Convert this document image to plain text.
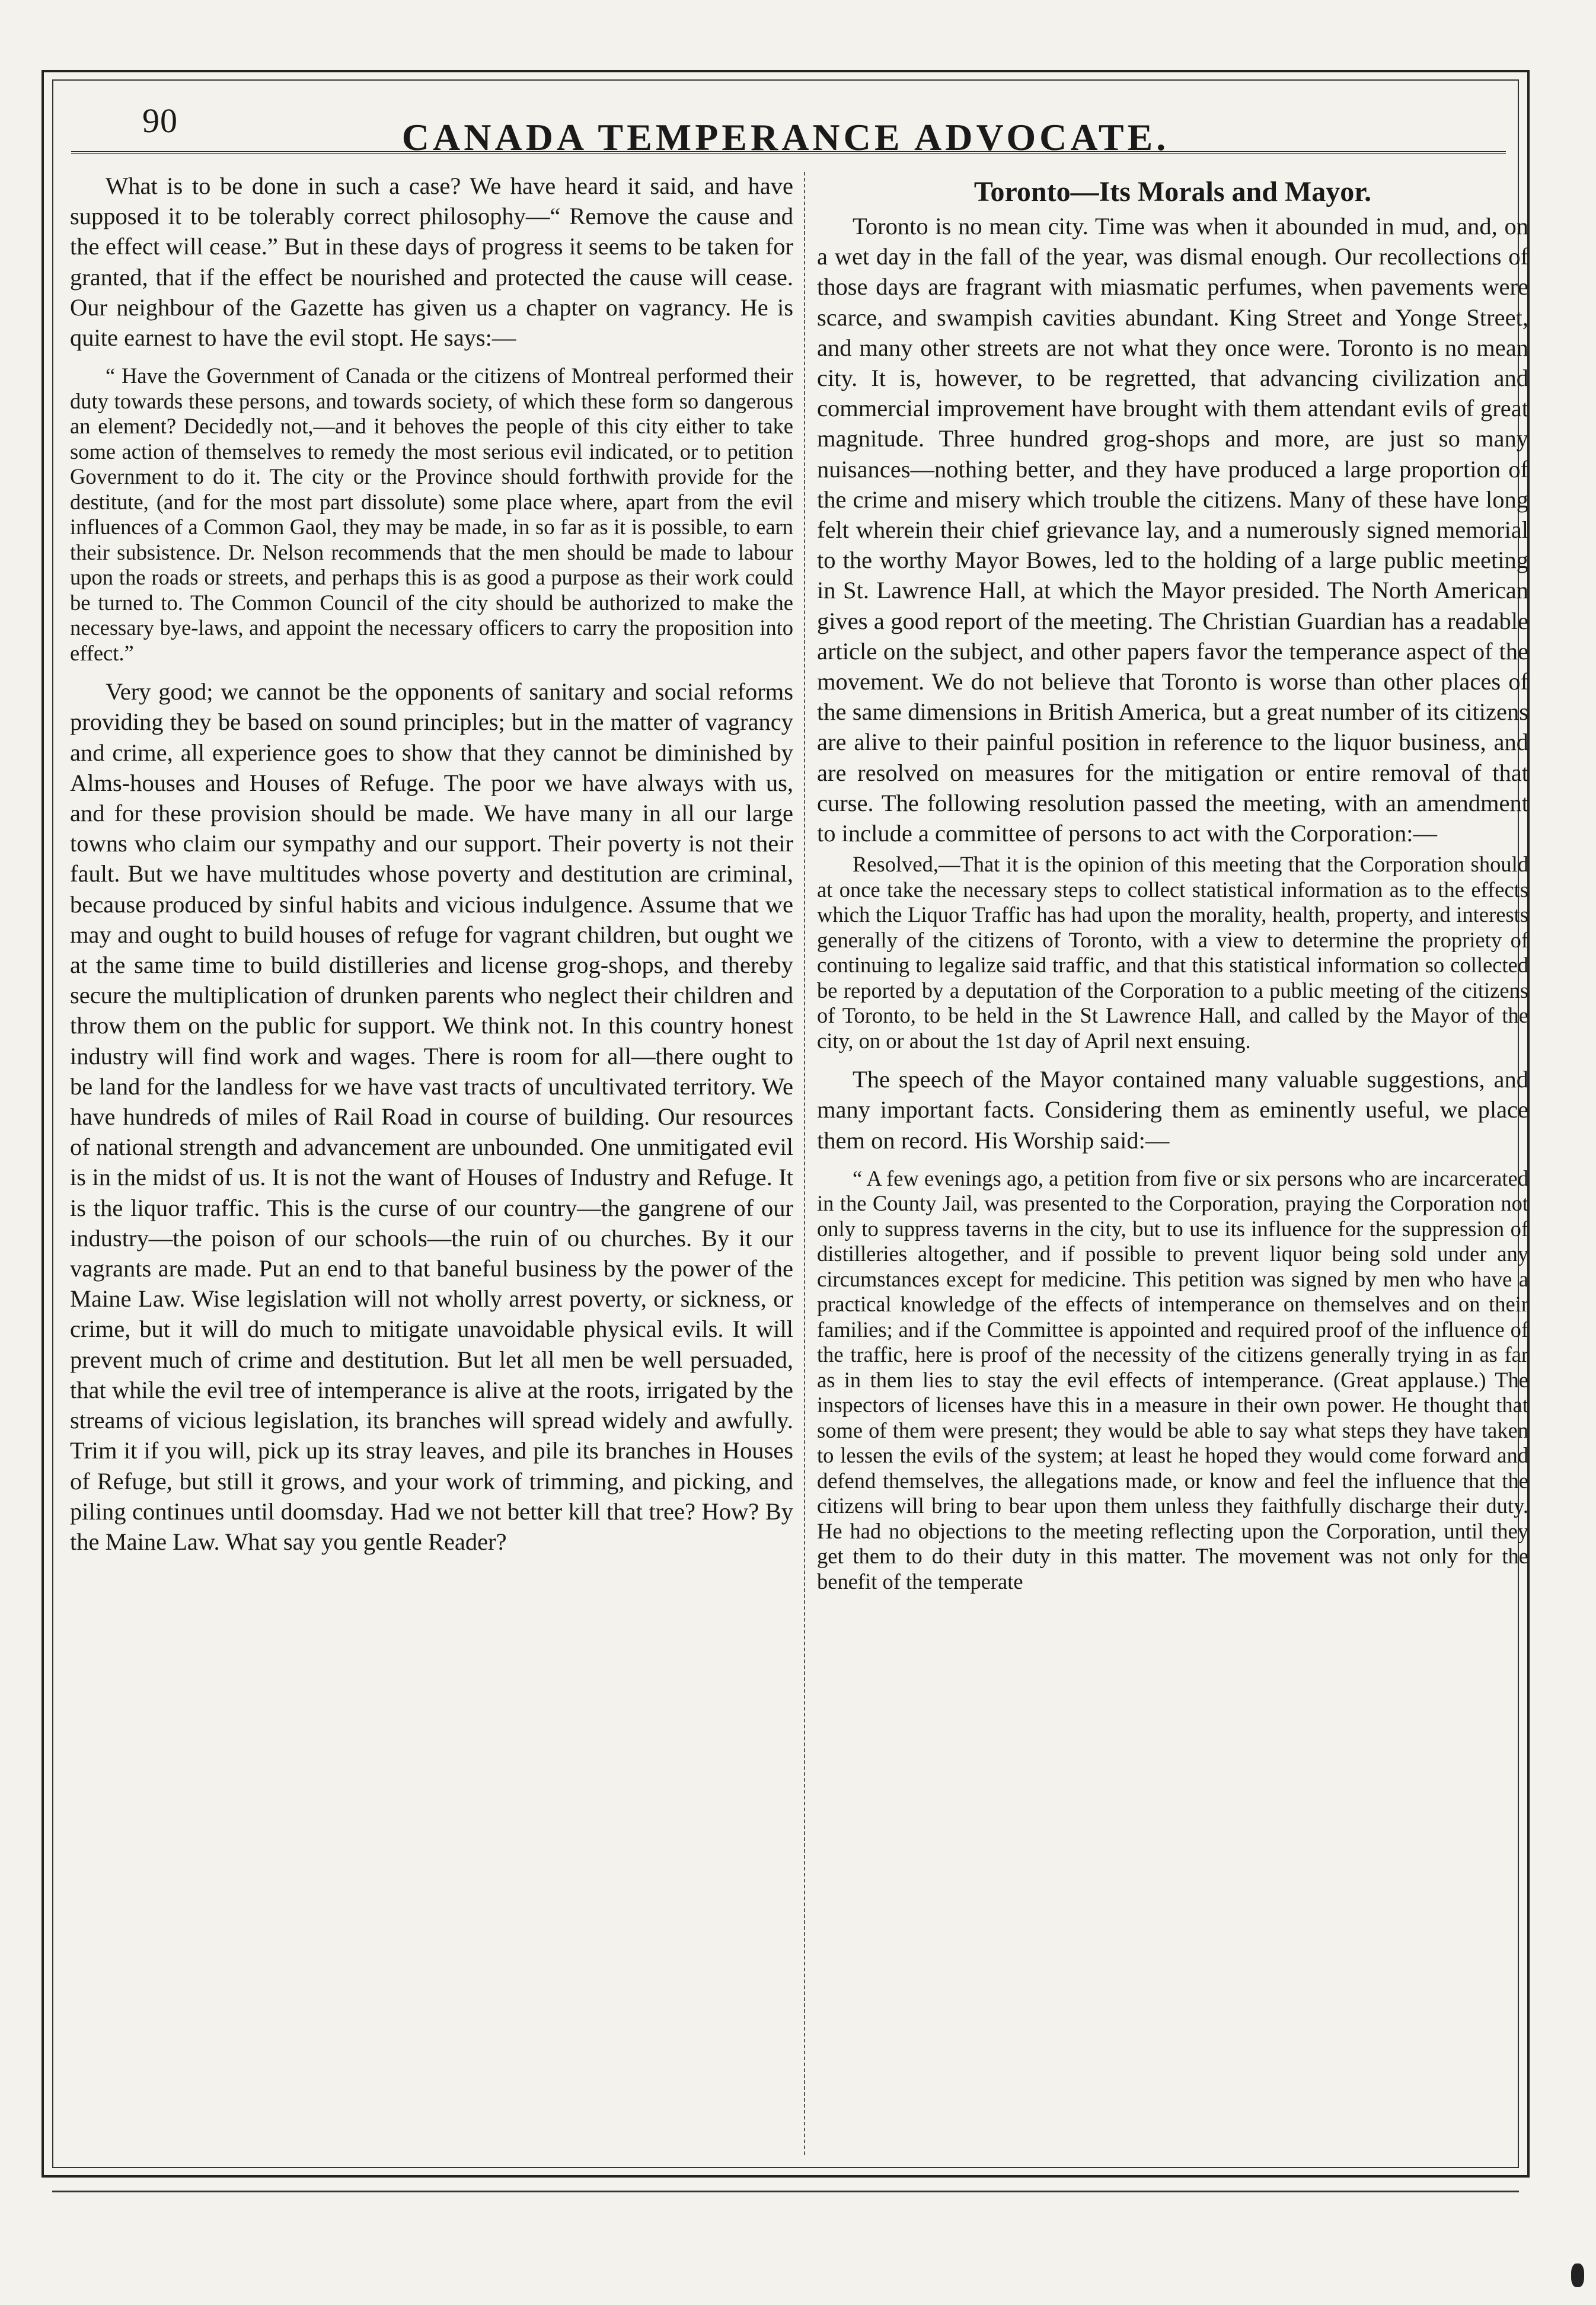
90	CANADA TEMPERANCE ADVOCATE.

What is to be done in such a case? We have heard it said, and have supposed it to be tolerably correct philosophy—“ Remove the cause and the effect will cease.” But in these days of progress it seems to be taken for granted, that if the effect be nourished and protected the cause will cease. Our neighbour of the Gazette has given us a chapter on vagrancy. He is quite earnest to have the evil stopt. He says:—

“ Have the Government of Canada or the citizens of Montreal performed their duty towards these persons, and towards society, of which these form so dangerous an element? Decidedly not,—and it behoves the people of this city either to take some action of themselves to remedy the most serious evil indicated, or to petition Government to do it. The city or the Province should forthwith provide for the destitute, (and for the most part dissolute) some place where, apart from the evil influences of a Common Gaol, they may be made, in so far as it is possible, to earn their subsistence. Dr. Nelson recommends that the men should be made to labour upon the roads or streets, and perhaps this is as good a purpose as their work could be turned to. The Common Council of the city should be authorized to make the necessary bye-laws, and appoint the necessary officers to carry the proposition into effect.”

Very good; we cannot be the opponents of sanitary and social reforms providing they be based on sound principles; but in the matter of vagrancy and crime, all experience goes to show that they cannot be diminished by Alms-houses and Houses of Refuge. The poor we have always with us, and for these provision should be made. We have many in all our large towns who claim our sympathy and our support. Their poverty is not their fault. But we have multitudes whose poverty and destitution are criminal, because produced by sinful habits and vicious indulgence. Assume that we may and ought to build houses of refuge for vagrant children, but ought we at the same time to build distilleries and license grog-shops, and thereby secure the multiplication of drunken parents who neglect their children and throw them on the public for support. We think not. In this country honest industry will find work and wages. There is room for all—there ought to be land for the landless for we have vast tracts of uncultivated territory. We have hundreds of miles of Rail Road in course of building. Our resources of national strength and advancement are unbounded. One unmitigated evil is in the midst of us. It is not the want of Houses of Industry and Refuge. It is the liquor traffic. This is the curse of our country—the gangrene of our industry—the poison of our schools—the ruin of ou churches. By it our vagrants are made. Put an end to that baneful business by the power of the Maine Law. Wise legislation will not wholly arrest poverty, or sickness, or crime, but it will do much to mitigate unavoidable physical evils. It will prevent much of crime and destitution. But let all men be well persuaded, that while the evil tree of intemperance is alive at the roots, irrigated by the streams of vicious legislation, its branches will spread widely and awfully. Trim it if you will, pick up its stray leaves, and pile its branches in Houses of Refuge, but still it grows, and your work of trimming, and picking, and piling continues until doomsday. Had we not better kill that tree? How? By the Maine Law. What say you gentle Reader?

Toronto—Its Morals and Mayor.

Toronto is no mean city. Time was when it abounded in mud, and, on a wet day in the fall of the year, was dismal enough. Our recollections of those days are fragrant with miasmatic perfumes, when pavements were scarce, and swampish cavities abundant. King Street and Yonge Street, and many other streets are not what they once were. Toronto is no mean city. It is, however, to be regretted, that advancing civilization and commercial improvement have brought with them attendant evils of great magnitude. Three hundred grog-shops and more, are just so many nuisances—nothing better, and they have produced a large proportion of the crime and misery which trouble the citizens. Many of these have long felt wherein their chief grievance lay, and a numerously signed memorial to the worthy Mayor Bowes, led to the holding of a large public meeting in St. Lawrence Hall, at which the Mayor presided. The North American gives a good report of the meeting. The Christian Guardian has a readable article on the subject, and other papers favor the temperance aspect of the movement. We do not believe that Toronto is worse than other places of the same dimensions in British America, but a great number of its citizens are alive to their painful position in reference to the liquor business, and are resolved on measures for the mitigation or entire removal of that curse. The following resolution passed the meeting, with an amendment to include a committee of persons to act with the Corporation:—

Resolved,—That it is the opinion of this meeting that the Corporation should at once take the necessary steps to collect statistical information as to the effects which the Liquor Traffic has had upon the morality, health, property, and interests generally of the citizens of Toronto, with a view to determine the propriety of continuing to legalize said traffic, and that this statistical information so collected be reported by a deputation of the Corporation to a public meeting of the citizens of Toronto, to be held in the St Lawrence Hall, and called by the Mayor of the city, on or about the 1st day of April next ensuing.

The speech of the Mayor contained many valuable suggestions, and many important facts. Considering them as eminently useful, we place them on record. His Worship said:—

“ A few evenings ago, a petition from five or six persons who are incarcerated in the County Jail, was presented to the Corporation, praying the Corporation not only to suppress taverns in the city, but to use its influence for the suppression of distilleries altogether, and if possible to prevent liquor being sold under any circumstances except for medicine. This petition was signed by men who have a practical knowledge of the effects of intemperance on themselves and on their families; and if the Committee is appointed and required proof of the influence of the traffic, here is proof of the necessity of the citizens generally trying in as far as in them lies to stay the evil effects of intemperance. (Great applause.) The inspectors of licenses have this in a measure in their own power. He thought that some of them were present; they would be able to say what steps they have taken to lessen the evils of the system; at least he hoped they would come forward and defend themselves, the allegations made, or know and feel the influence that the citizens will bring to bear upon them unless they faithfully discharge their duty. He had no objections to the meeting reflecting upon the Corporation, until they get them to do their duty in this matter. The movement was not only for the benefit of the temperate
